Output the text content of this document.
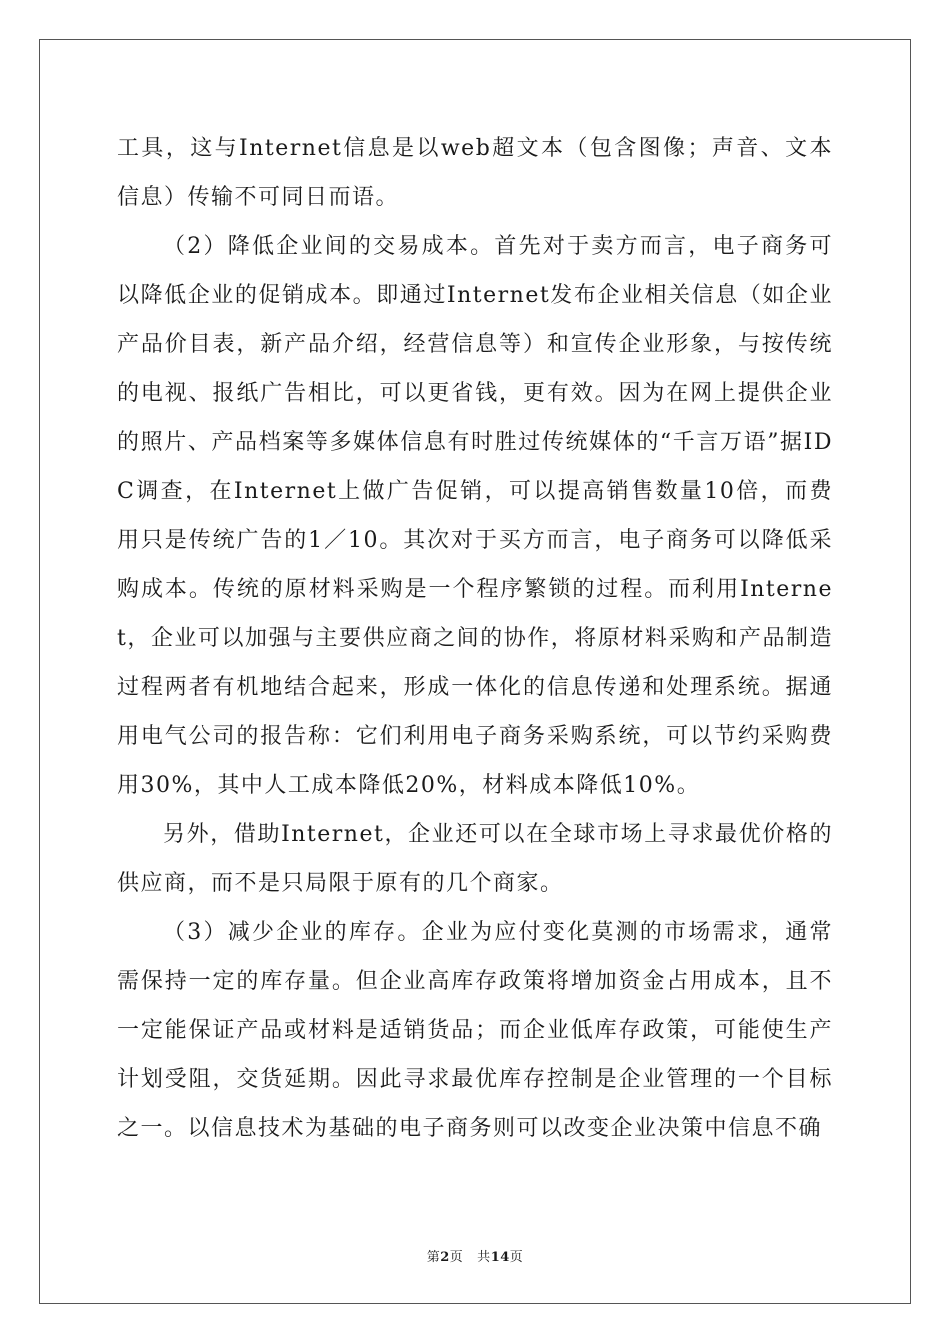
工具，这与Internet信息是以web超文本（包含图像；声音、文本信息）传输不可同日而语。

（2）降低企业间的交易成本。首先对于卖方而言，电子商务可以降低企业的促销成本。即通过Internet发布企业相关信息（如企业产品价目表，新产品介绍，经营信息等）和宣传企业形象，与按传统的电视、报纸广告相比，可以更省钱，更有效。因为在网上提供企业的照片、产品档案等多媒体信息有时胜过传统媒体的“千言万语”据IDC调查，在Internet上做广告促销，可以提高销售数量10倍，而费用只是传统广告的1／10。其次对于买方而言，电子商务可以降低采购成本。传统的原材料采购是一个程序繁锁的过程。而利用Internet，企业可以加强与主要供应商之间的协作，将原材料采购和产品制造过程两者有机地结合起来，形成一体化的信息传递和处理系统。据通用电气公司的报告称：它们利用电子商务采购系统，可以节约采购费用30%，其中人工成本降低20%，材料成本降低10%。

另外，借助Internet，企业还可以在全球市场上寻求最优价格的供应商，而不是只局限于原有的几个商家。

（3）减少企业的库存。企业为应付变化莫测的市场需求，通常需保持一定的库存量。但企业高库存政策将增加资金占用成本，且不一定能保证产品或材料是适销货品；而企业低库存政策，可能使生产计划受阻，交货延期。因此寻求最优库存控制是企业管理的一个目标之一。以信息技术为基础的电子商务则可以改变企业决策中信息不确

第2页 共14页
